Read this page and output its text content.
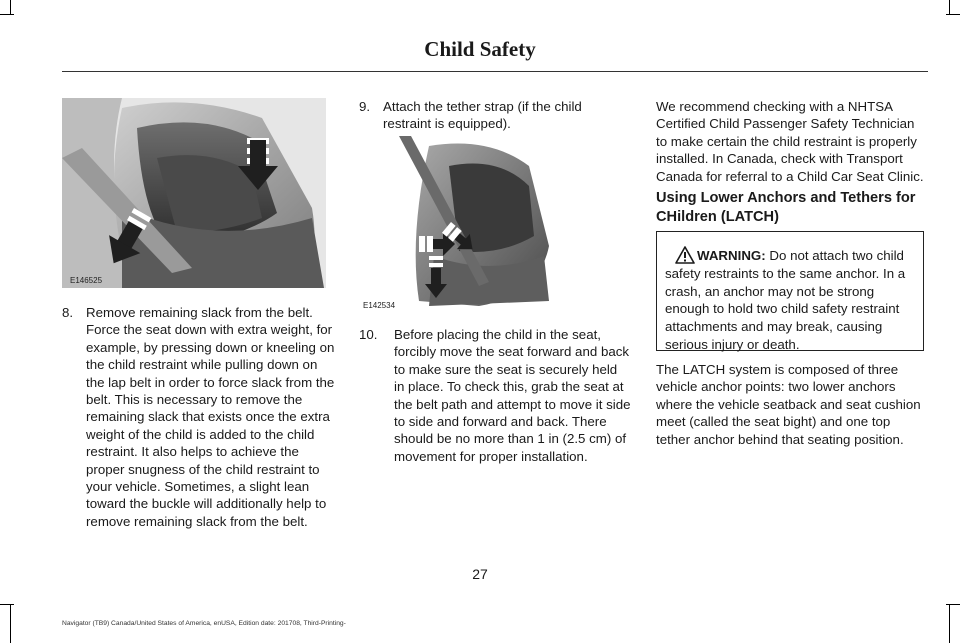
Child Safety
E146525
8. Remove remaining slack from the belt. Force the seat down with extra weight, for example, by pressing down or kneeling on the child restraint while pulling down on the lap belt in order to force slack from the belt. This is necessary to remove the remaining slack that exists once the extra weight of the child is added to the child restraint. It also helps to achieve the proper snugness of the child restraint to your vehicle. Sometimes, a slight lean toward the buckle will additionally help to remove remaining slack from the belt.
9. Attach the tether strap (if the child restraint is equipped).
E142534
10.	Before placing the child in the seat, forcibly move the seat forward and back to make sure the seat is securely held in place. To check this, grab the seat at the belt path and attempt to move it side to side and forward and back. There should be no more than 1 in (2.5 cm) of movement for proper installation.
We recommend checking with a NHTSA Certified Child Passenger Safety Technician to make certain the child restraint is properly installed. In Canada, check with Transport Canada for referral to a Child Car Seat Clinic.
Using Lower Anchors and Tethers for CHildren (LATCH)
WARNING: Do not attach two child safety restraints to the same anchor. In a crash, an anchor may not be strong enough to hold two child safety restraint attachments and may break, causing serious injury or death.
The LATCH system is composed of three vehicle anchor points: two lower anchors where the vehicle seatback and seat cushion meet (called the seat bight) and one top tether anchor behind that seating position.
27
Navigator (TB9) Canada/United States of America, enUSA, Edition date: 201708, Third-Printing-
